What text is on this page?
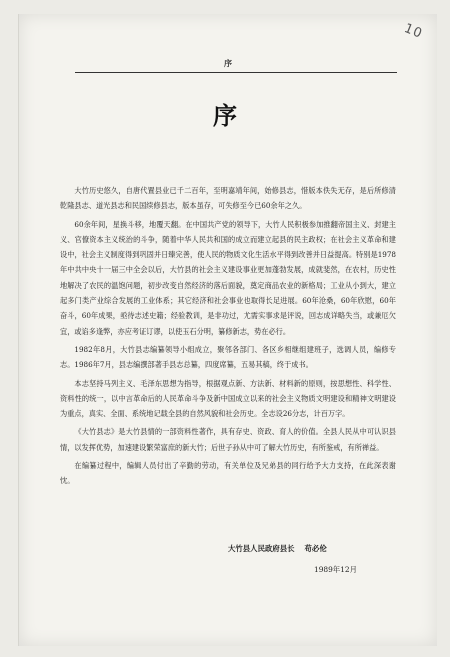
10
序
序

大竹历史悠久，自唐代置县业已千二百年，至明嘉靖年间，始修县志，惜版本佚失无存，是后所修清乾隆县志、道光县志和民国续修县志，版本虽存，可失修至今已60余年之久。

60余年间，星换斗移，地覆天翻。在中国共产党的领导下，大竹人民积极参加推翻帝国主义、封建主义、官僚资本主义统治的斗争，随着中华人民共和国的成立而建立起县的民主政权；在社会主义革命和建设中，社会主义制度得到巩固并日臻完善，使人民的物质文化生活水平得到改善并日益提高。特别是1978年中共中央十一届三中全会以后，大竹县的社会主义建设事业更加蓬勃发展，成就斐然，在农村，历史性地解决了农民的温饱问题，初步改变自然经济的落后面貌，奠定商品农业的新格局；工业从小到大，建立起多门类产业综合发展的工业体系；其它经济和社会事业也取得长足进展。60年沧桑，60年欣慰，60年奋斗，60年成果，亟待志述史籍；经验教训，是非功过，尤需实事求是评说，回志成详略失当，或兼厄欠宜，或谄多逢弊，亦应考证订谬，以使玉石分明，纂修新志，势在必行。

1982年8月，大竹县志编纂领导小组成立，聚邻各部门、各区乡相继组建班子，选调人员，编修专志。1986年7月，县志编撰部著手县志总纂，四度席纂，五易其稿，终于成书。

本志坚持马列主义、毛泽东思想为指导，根据观点新、方法新、材料新的原则，按思想性、科学性、资料性的统一，以中言革命后的人民革命斗争及新中国成立以来的社会主义物质文明建设和精神文明建设为重点，真实、全面、系统地记载全县的自然风貌和社会历史。全志设26分志，计百万字。

《大竹县志》是大竹县情的一部资料性著作，具有存史、资政、育人的价值。全县人民从中可认识县情，以发挥优势，加速建设繁荣富庶的新大竹；后世子孙从中可了解大竹历史，有所鉴戒，有所禅益。

在编纂过程中，编辑人员付出了辛勤的劳动，有关单位及兄弟县的同行给予大力支持，在此深表谢忱。

大竹县人民政府县长 苟必伦
1989年12月
